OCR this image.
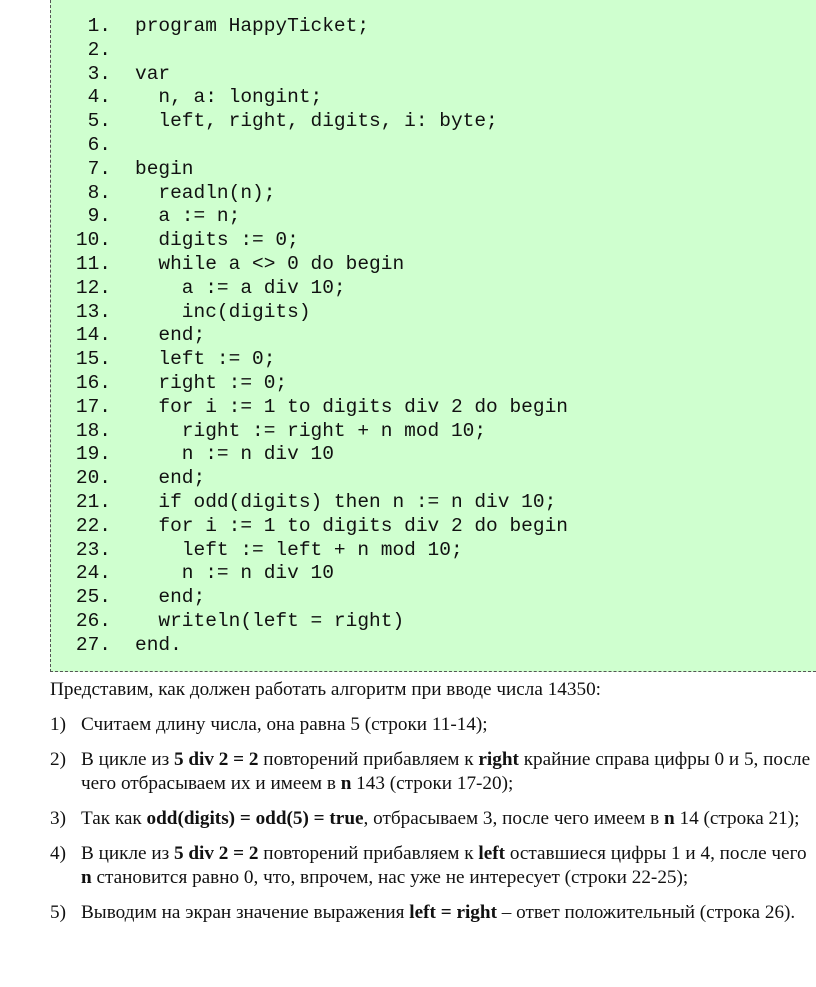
1. program HappyTicket;
2.
3. var
4. n, a: longint;
5. left, right, digits, i: byte;
6.
7. begin
8. readln(n);
9. a := n;
10. digits := 0;
11. while a <> 0 do begin
12. a := a div 10;
13. inc(digits)
14. end;
15. left := 0;
16. right := 0;
17. for i := 1 to digits div 2 do begin
18. right := right + n mod 10;
19. n := n div 10
20. end;
21. if odd(digits) then n := n div 10;
22. for i := 1 to digits div 2 do begin
23. left := left + n mod 10;
24. n := n div 10
25. end;
26. writeln(left = right)
27. end.

Представим, как должен работать алгоритм при вводе числа 14350:

1) Считаем длину числа, она равна 5 (строки 11-14);
2) В цикле из 5 div 2 = 2 повторений прибавляем к right крайние справа цифры 0 и 5, после чего отбрасываем их и имеем в n 143 (строки 17-20);
3) Так как odd(digits) = odd(5) = true, отбрасываем 3, после чего имеем в n 14 (строка 21);
4) В цикле из 5 div 2 = 2 повторений прибавляем к left оставшиеся цифры 1 и 4, после чего n становится равно 0, что, впрочем, нас уже не интересует (строки 22-25);
5) Выводим на экран значение выражения left = right – ответ положительный (строка 26).
